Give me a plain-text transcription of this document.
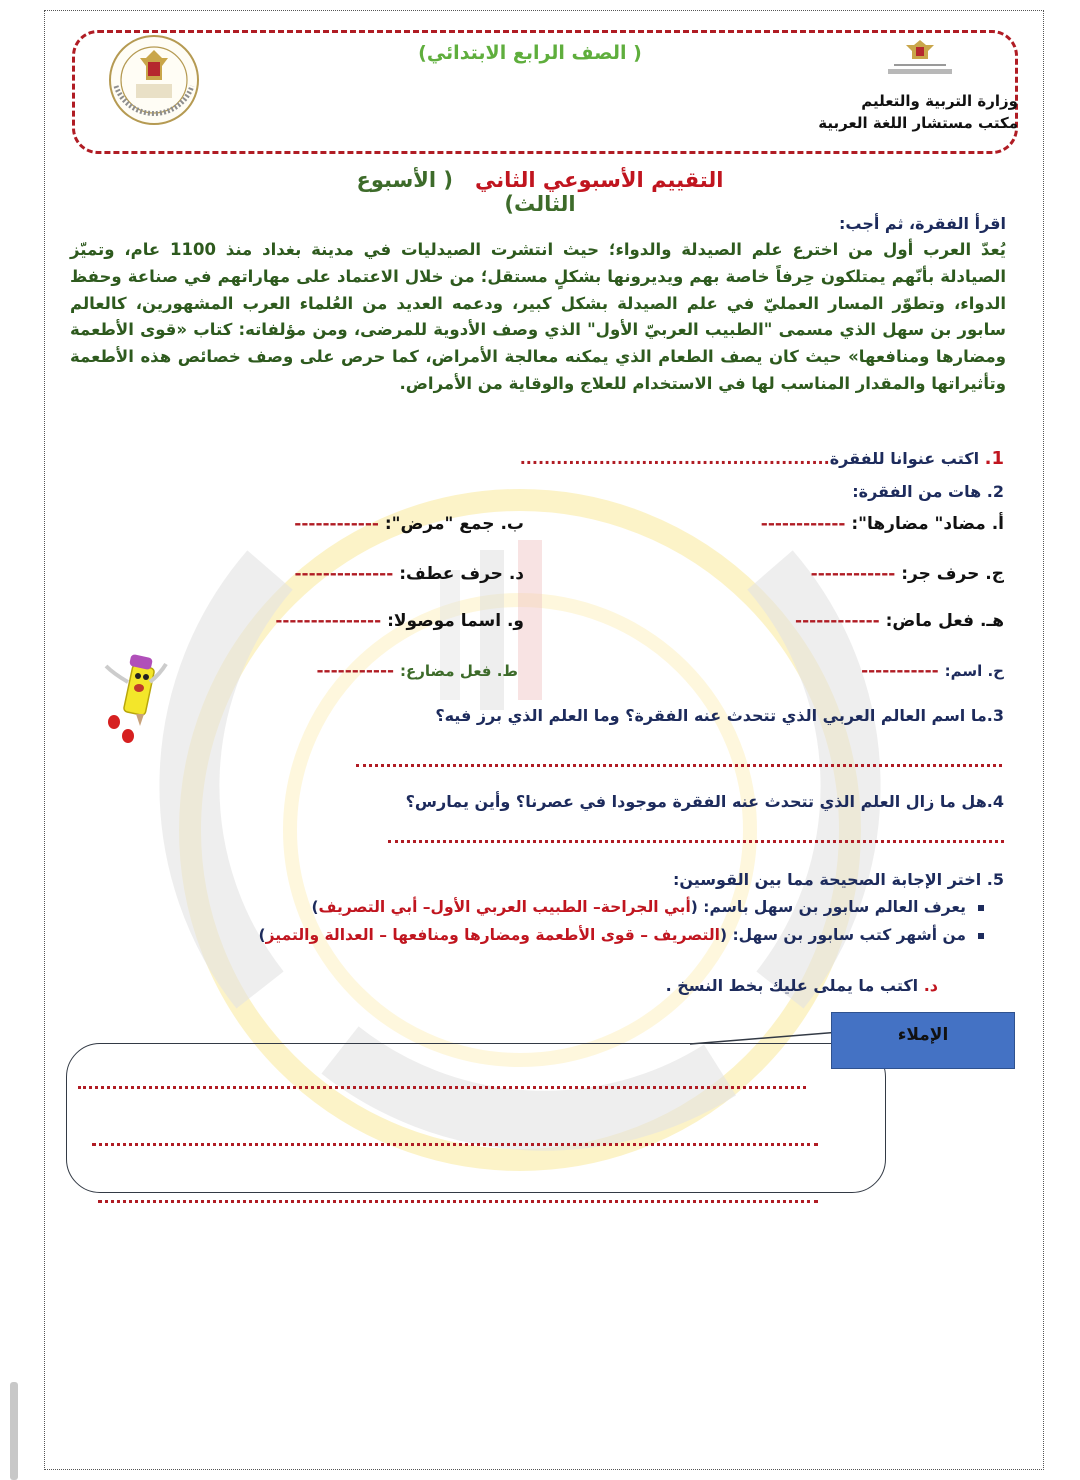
( الصف الرابع الابتدائي)
وزارة التربية والتعليم
مكتب مستشار اللغة العربية
التقييم الأسبوعي الثاني   ( الأسبوع الثالث)
اقرأ الفقرة، ثم أجب:
يُعدّ العرب أول من اخترع علم الصيدلة والدواء؛ حيث انتشرت الصيدليات في مدينة بغداد منذ 1100 عام، وتميّز الصيادلة بأنّهم يمتلكون حِرفاً خاصة بهم ويديرونها بشكلٍ مستقل؛ من خلال الاعتماد على مهاراتهم في صناعة وحفظ الدواء، وتطوّر المسار العمليّ في علم الصيدلة بشكل كبير، ودعمه العديد من العُلماء العرب المشهورين، كالعالم سابور بن سهل الذي مسمى "الطبيب العربيّ الأول" الذي وصف الأدوية للمرضى، ومن مؤلفاته: كتاب «قوى الأطعمة ومضارها ومنافعها» حيث كان يصف الطعام الذي يمكنه معالجة الأمراض، كما حرص على وصف خصائص هذه الأطعمة وتأثيراتها والمقدار المناسب لها في الاستخدام للعلاج والوقاية من الأمراض.
1. اكتب عنوانا للفقرة...................................................
2. هات من الفقرة:
أ. مضاد" مضارها": ------------
ب. جمع "مرض": ------------
ج. حرف جر: ------------
د. حرف عطف: --------------
هـ. فعل ماض: ------------
و. اسما موصولا: ---------------
ح. اسم: -----------
ط. فعل مضارع: -----------
3.ما اسم العالم العربي الذي تتحدث عنه الفقرة؟ وما العلم الذي برز فيه؟
4.هل ما زال العلم الذي تتحدث عنه الفقرة موجودا في عصرنا؟ وأين يمارس؟
5. اختر الإجابة الصحيحة مما بين القوسين:
يعرف العالم سابور بن سهل باسم: (أبي الجراحة– الطبيب العربي الأول– أبي التصريف)
من أشهر كتب سابور بن سهل: (التصريف – قوى الأطعمة ومضارها ومنافعها – العدالة والتميز)
د. اكتب ما يملى عليك بخط النسخ .
الإملاء
